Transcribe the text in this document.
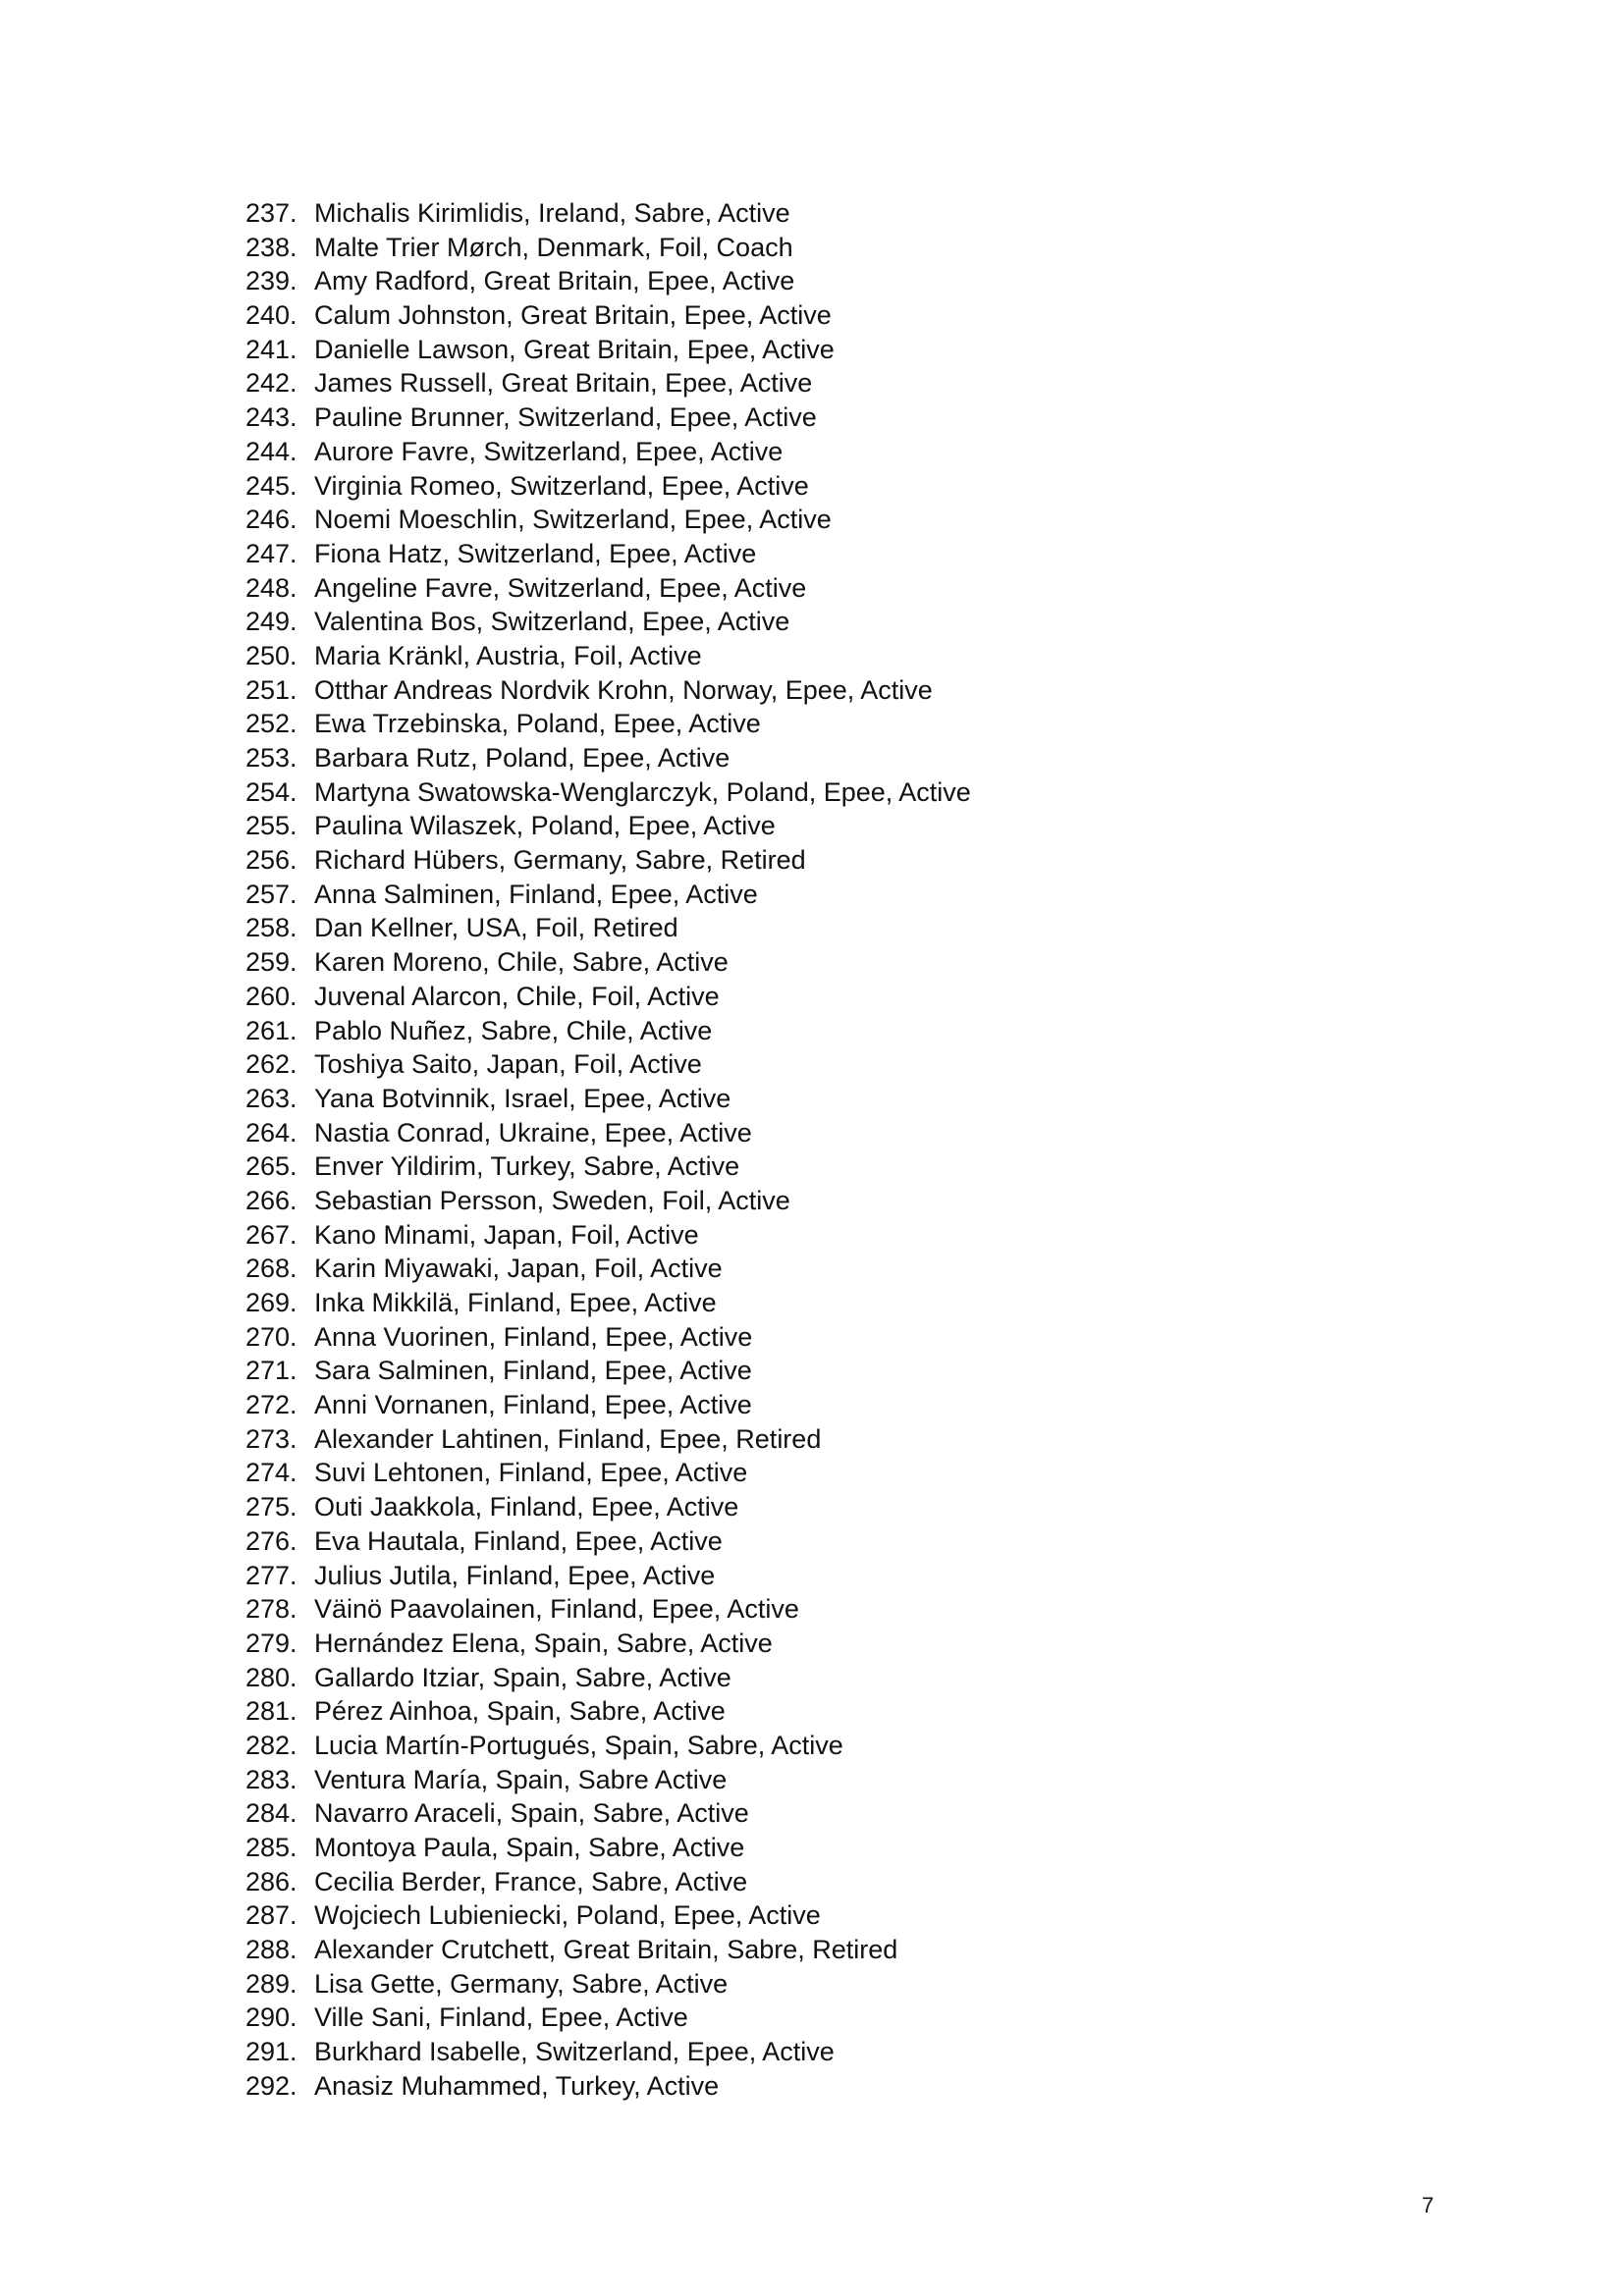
237. Michalis Kirimlidis, Ireland, Sabre, Active
238. Malte Trier Mørch, Denmark, Foil, Coach
239. Amy Radford, Great Britain, Epee, Active
240. Calum Johnston, Great Britain, Epee, Active
241. Danielle Lawson, Great Britain, Epee, Active
242. James Russell, Great Britain, Epee, Active
243. Pauline Brunner, Switzerland, Epee, Active
244. Aurore Favre, Switzerland, Epee, Active
245. Virginia Romeo, Switzerland, Epee, Active
246. Noemi Moeschlin, Switzerland, Epee, Active
247. Fiona Hatz, Switzerland, Epee, Active
248. Angeline Favre, Switzerland, Epee, Active
249. Valentina Bos, Switzerland, Epee, Active
250. Maria Kränkl, Austria, Foil, Active
251. Otthar Andreas Nordvik Krohn, Norway, Epee, Active
252. Ewa Trzebinska, Poland, Epee, Active
253. Barbara Rutz, Poland, Epee, Active
254. Martyna Swatowska-Wenglarczyk, Poland, Epee, Active
255. Paulina Wilaszek, Poland, Epee, Active
256. Richard Hübers, Germany, Sabre, Retired
257. Anna Salminen, Finland, Epee, Active
258. Dan Kellner, USA, Foil, Retired
259. Karen Moreno, Chile, Sabre, Active
260. Juvenal Alarcon, Chile, Foil, Active
261. Pablo Nuñez, Sabre, Chile, Active
262. Toshiya Saito, Japan, Foil, Active
263. Yana Botvinnik, Israel, Epee, Active
264. Nastia Conrad, Ukraine, Epee, Active
265. Enver Yildirim, Turkey, Sabre, Active
266. Sebastian Persson, Sweden, Foil, Active
267. Kano Minami, Japan, Foil, Active
268. Karin Miyawaki, Japan, Foil, Active
269. Inka Mikkilä, Finland, Epee, Active
270. Anna Vuorinen, Finland, Epee, Active
271. Sara Salminen, Finland, Epee, Active
272. Anni Vornanen, Finland, Epee, Active
273. Alexander Lahtinen, Finland, Epee, Retired
274. Suvi Lehtonen, Finland, Epee, Active
275. Outi Jaakkola, Finland, Epee, Active
276. Eva Hautala, Finland, Epee, Active
277. Julius Jutila, Finland, Epee, Active
278. Väinö Paavolainen, Finland, Epee, Active
279. Hernández Elena, Spain, Sabre, Active
280. Gallardo Itziar, Spain, Sabre, Active
281. Pérez Ainhoa, Spain, Sabre, Active
282. Lucia Martín-Portugués, Spain, Sabre, Active
283. Ventura María, Spain, Sabre Active
284. Navarro Araceli, Spain, Sabre, Active
285. Montoya Paula, Spain, Sabre, Active
286. Cecilia Berder, France, Sabre, Active
287. Wojciech Lubieniecki, Poland, Epee, Active
288. Alexander Crutchett, Great Britain, Sabre, Retired
289. Lisa Gette, Germany, Sabre, Active
290. Ville Sani, Finland, Epee, Active
291. Burkhard Isabelle, Switzerland, Epee, Active
292. Anasiz Muhammed, Turkey, Active
7
